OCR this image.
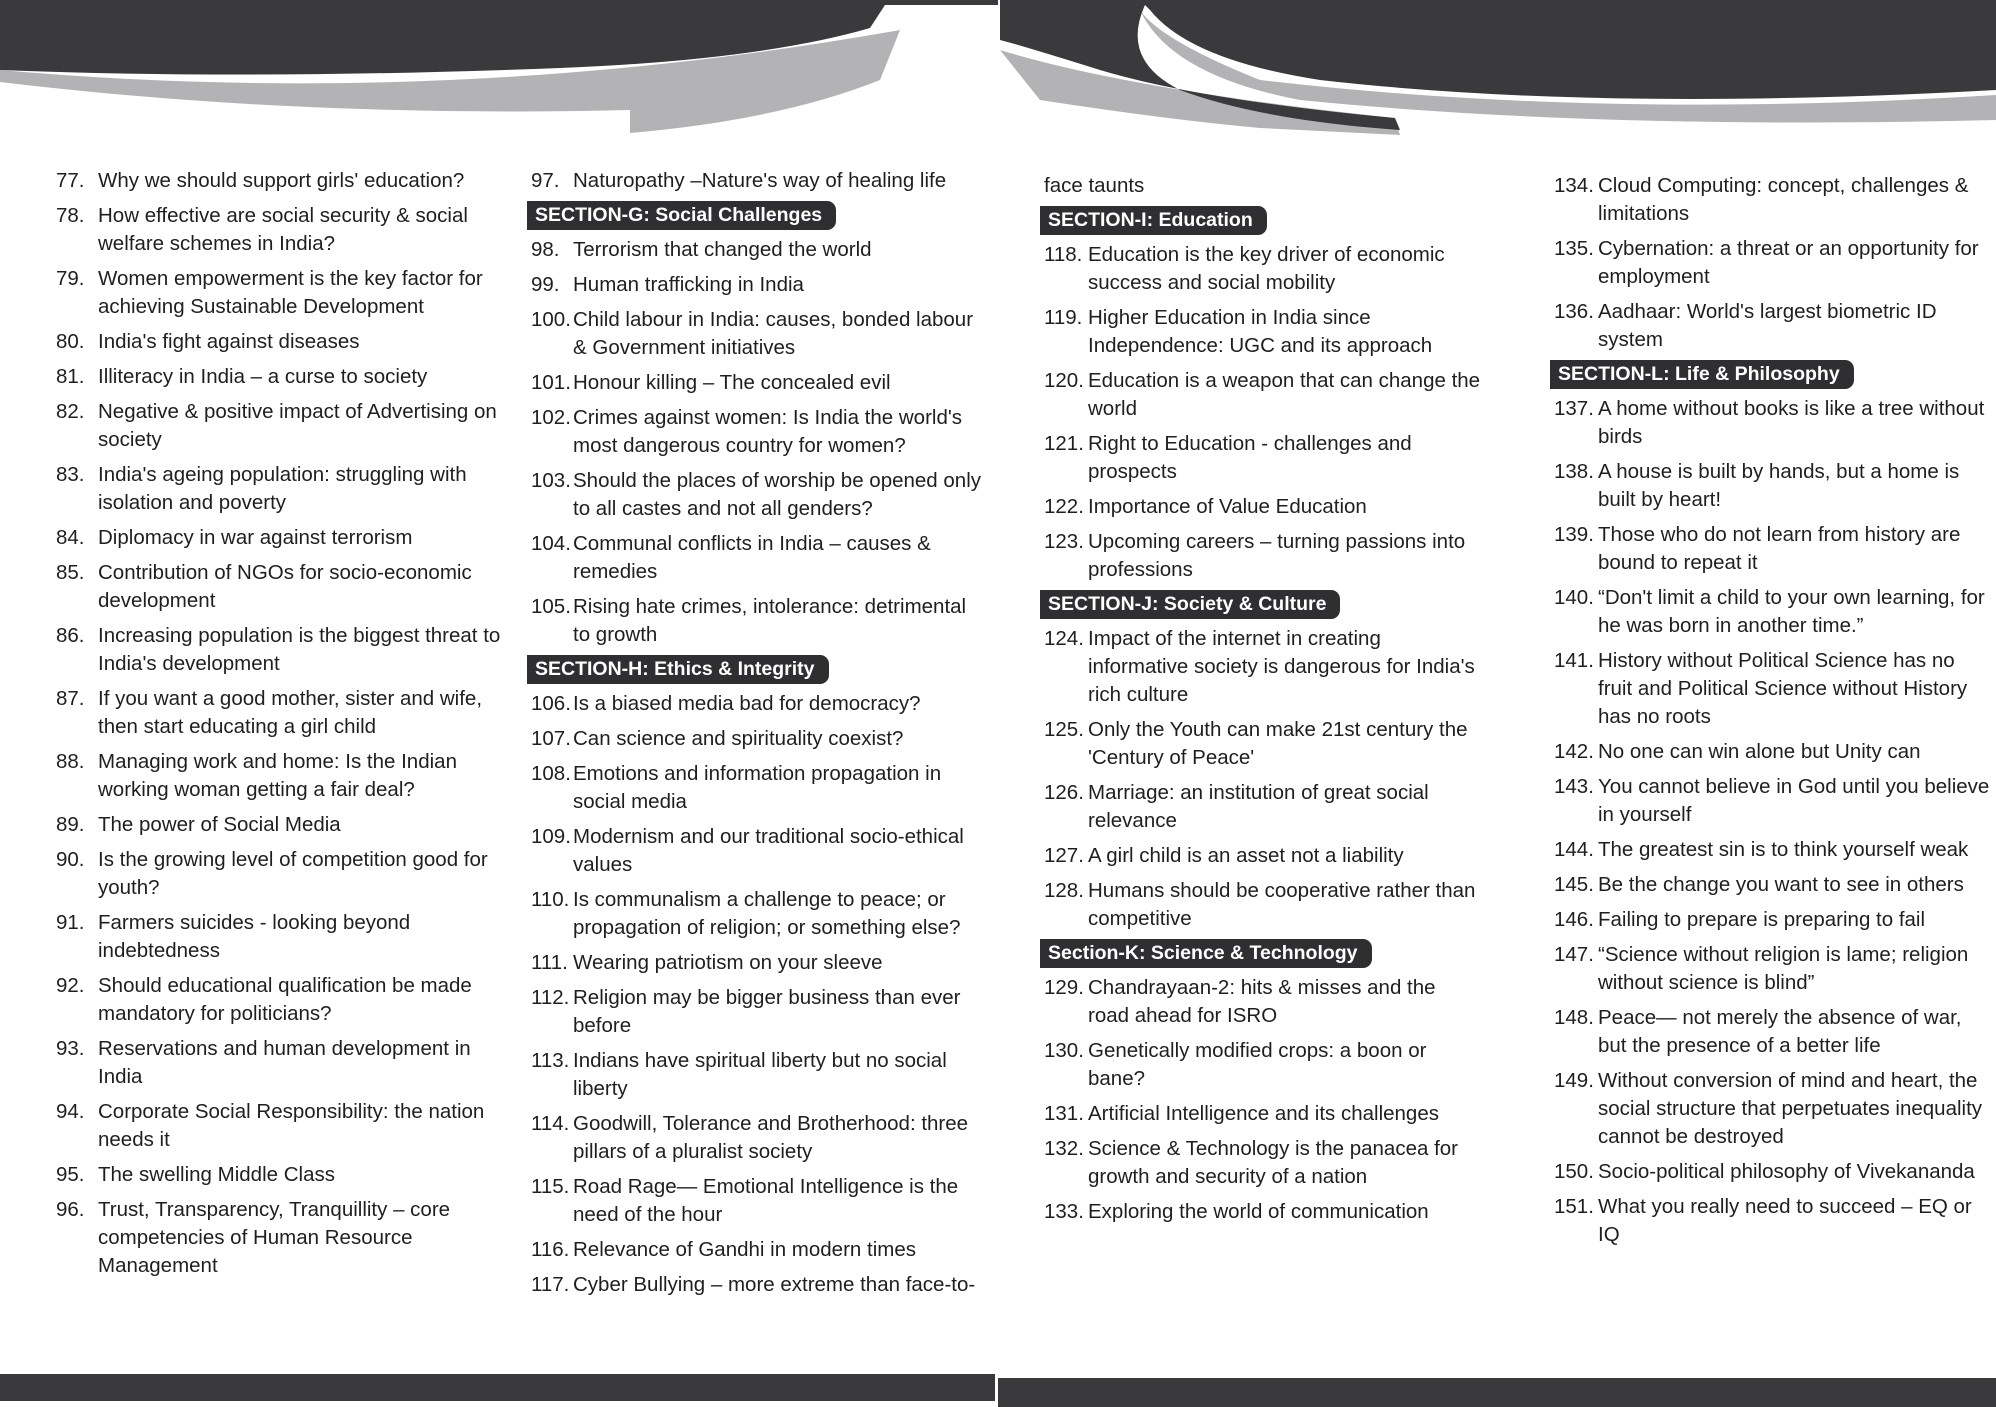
77. Why we should support girls' education?
78. How effective are social security & social welfare schemes in India?
79. Women empowerment is the key factor for achieving Sustainable Development
80. India's fight against diseases
81. Illiteracy in India – a curse to society
82. Negative & positive impact of Advertising on society
83. India's ageing population: struggling with isolation and poverty
84. Diplomacy in war against terrorism
85. Contribution of NGOs for socio-economic development
86. Increasing population is the biggest threat to India's development
87. If you want a good mother, sister and wife, then start educating a girl child
88. Managing work and home: Is the Indian working woman getting a fair deal?
89. The power of Social Media
90. Is the growing level of competition good for youth?
91. Farmers suicides - looking beyond indebtedness
92. Should educational qualification be made mandatory for politicians?
93. Reservations and human development in India
94. Corporate Social Responsibility: the nation needs it
95. The swelling Middle Class
96. Trust, Transparency, Tranquillity – core competencies of Human Resource Management
97. Naturopathy –Nature's way of healing life
SECTION-G: Social Challenges
98. Terrorism that changed the world
99. Human trafficking in India
100. Child labour in India: causes, bonded labour & Government initiatives
101. Honour killing – The concealed evil
102. Crimes against women: Is India the world's most dangerous country for women?
103. Should the places of worship be opened only to all castes and not all genders?
104. Communal conflicts in India – causes & remedies
105. Rising hate crimes, intolerance: detrimental to growth
SECTION-H: Ethics & Integrity
106. Is a biased media bad for democracy?
107. Can science and spirituality coexist?
108. Emotions and information propagation in social media
109. Modernism and our traditional socio-ethical values
110. Is communalism a challenge to peace; or propagation of religion; or something else?
111. Wearing patriotism on your sleeve
112. Religion may be bigger business than ever before
113. Indians have spiritual liberty but no social liberty
114. Goodwill, Tolerance and Brotherhood: three pillars of a pluralist society
115. Road Rage— Emotional Intelligence is the need of the hour
116. Relevance of Gandhi in modern times
117. Cyber Bullying – more extreme than face-to-
face taunts
SECTION-I: Education
118. Education is the key driver of economic success and social mobility
119. Higher Education in India since Independence: UGC and its approach
120. Education is a weapon that can change the world
121. Right to Education - challenges and prospects
122. Importance of Value Education
123. Upcoming careers – turning passions into professions
SECTION-J: Society & Culture
124. Impact of the internet in creating informative society is dangerous for India's rich culture
125. Only the Youth can make 21st century the 'Century of Peace'
126. Marriage: an institution of great social relevance
127. A girl child is an asset not a liability
128. Humans should be cooperative rather than competitive
Section-K: Science & Technology
129. Chandrayaan-2: hits & misses and the road ahead for ISRO
130. Genetically modified crops: a boon or bane?
131. Artificial Intelligence and its challenges
132. Science & Technology is the panacea for growth and security of a nation
133. Exploring the world of communication
134. Cloud Computing: concept, challenges & limitations
135. Cybernation: a threat or an opportunity for employment
136. Aadhaar: World's largest biometric ID system
SECTION-L: Life & Philosophy
137. A home without books is like a tree without birds
138. A house is built by hands, but a home is built by heart!
139. Those who do not learn from history are bound to repeat it
140. “Don't limit a child to your own learning, for he was born in another time.”
141. History without Political Science has no fruit and Political Science without History has no roots
142. No one can win alone but Unity can
143. You cannot believe in God until you believe in yourself
144. The greatest sin is to think yourself weak
145. Be the change you want to see in others
146. Failing to prepare is preparing to fail
147. “Science without religion is lame; religion without science is blind”
148. Peace— not merely the absence of war, but the presence of a better life
149. Without conversion of mind and heart, the social structure that perpetuates inequality cannot be destroyed
150. Socio-political philosophy of Vivekananda
151. What you really need to succeed – EQ or IQ
